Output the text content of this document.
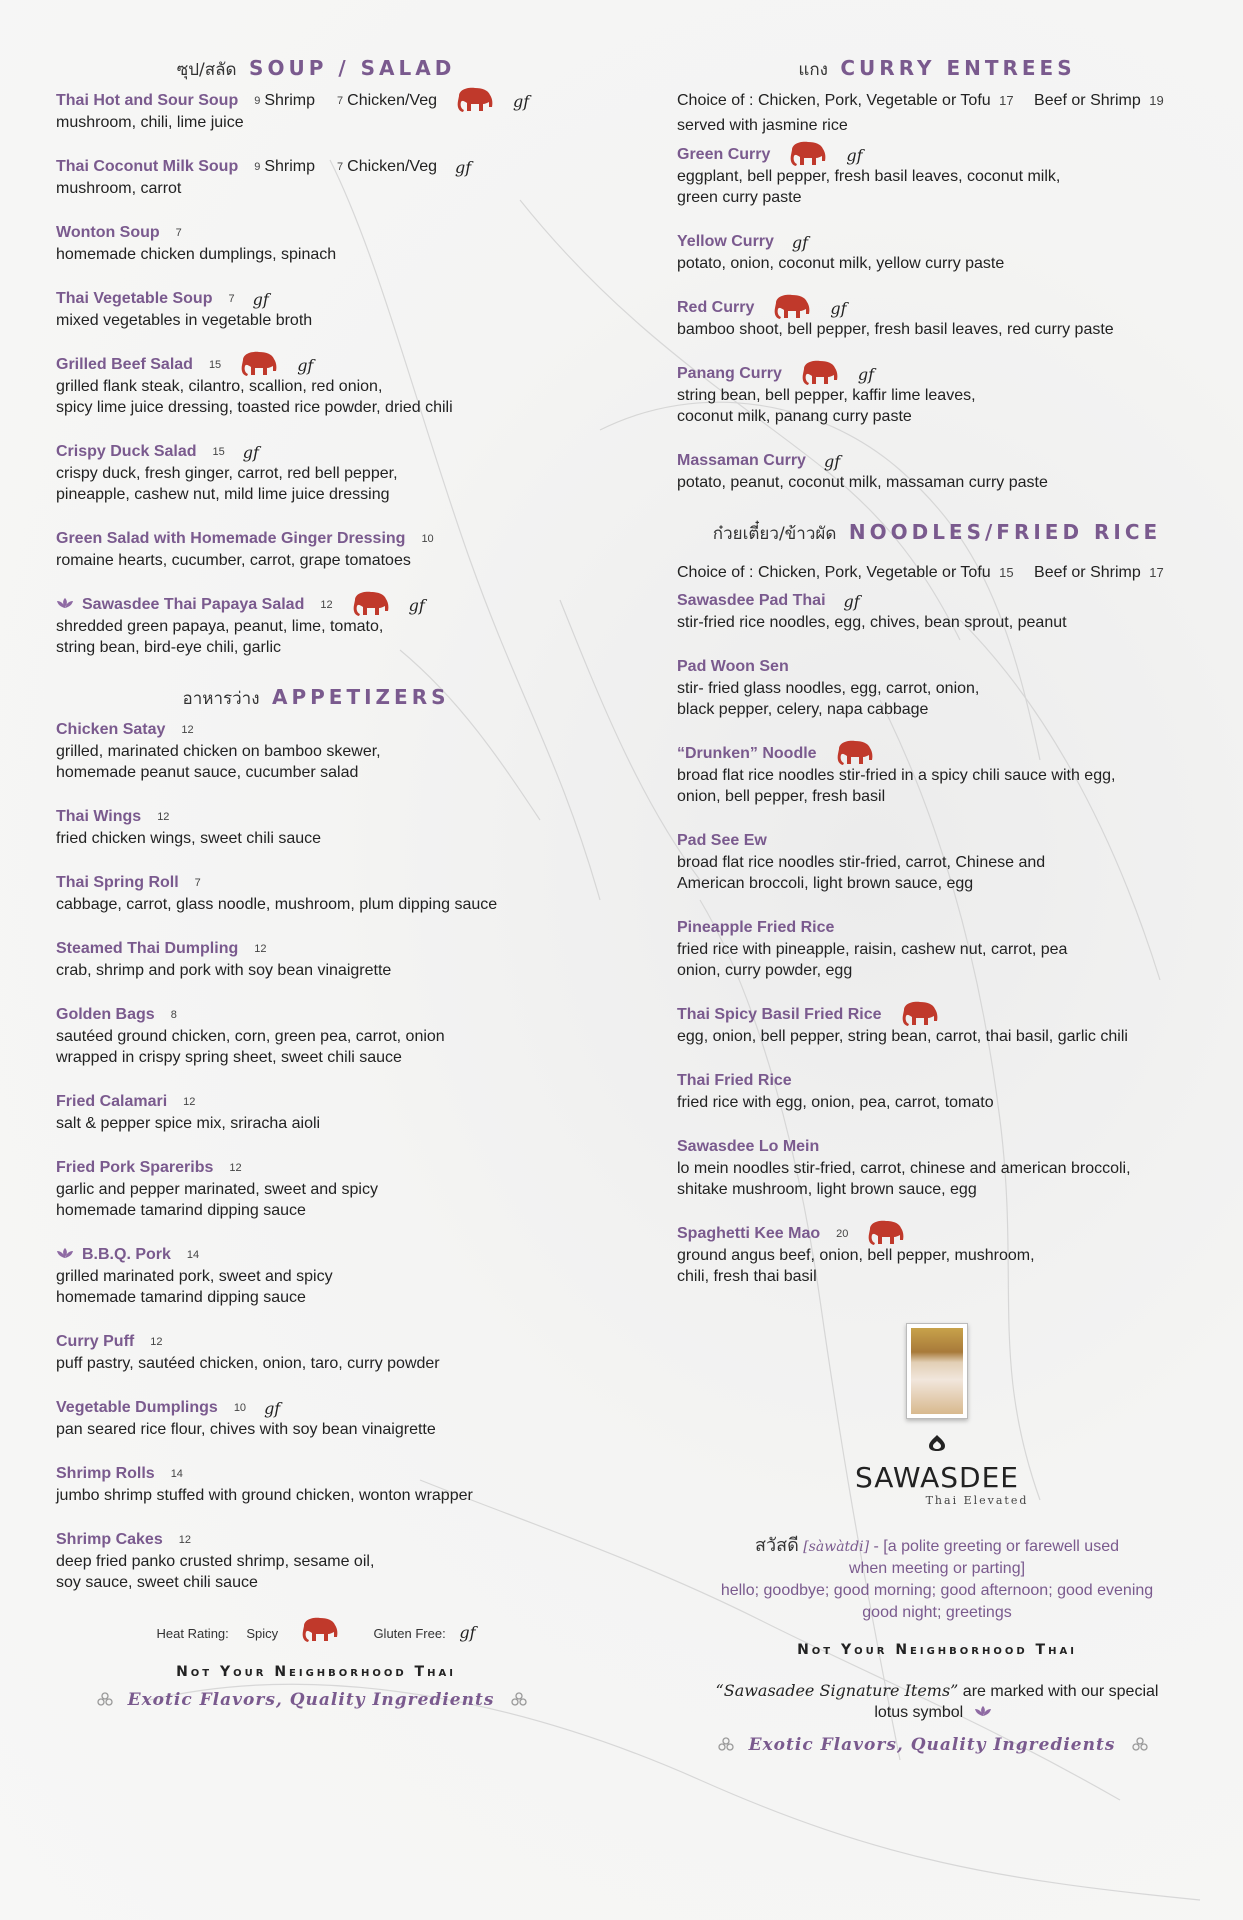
ซุป/สลัด SOUP / SALAD
Thai Hot and Sour Soup 9 Shrimp 7 Chicken/Veg	gf
mushroom, chili, lime juice
Thai Coconut Milk Soup 9 Shrimp 7 Chicken/Veg gf
mushroom, carrot
Wonton Soup 7
homemade chicken dumplings, spinach
Thai Vegetable Soup 7 gf
mixed vegetables in vegetable broth
Grilled Beef Salad 15	gf
grilled flank steak, cilantro, scallion, red onion,
spicy lime juice dressing, toasted rice powder, dried chili
Crispy Duck Salad 15 gf
crispy duck, fresh ginger, carrot, red bell pepper,
pineapple, cashew nut, mild lime juice dressing
Green Salad with Homemade Ginger Dressing 10
romaine hearts, cucumber, carrot, grape tomatoes
Sawasdee Thai Papaya Salad 12	gf
shredded green papaya, peanut, lime, tomato,
string bean, bird-eye chili, garlic
อาหารว่าง APPETIZERS
Chicken Satay 12
grilled, marinated chicken on bamboo skewer,
homemade peanut sauce, cucumber salad
Thai Wings 12
fried chicken wings, sweet chili sauce
Thai Spring Roll 7
cabbage, carrot, glass noodle, mushroom, plum dipping sauce
Steamed Thai Dumpling 12
crab, shrimp and pork with soy bean vinaigrette
Golden Bags 8
sautéed ground chicken, corn, green pea, carrot, onion
wrapped in crispy spring sheet, sweet chili sauce
Fried Calamari 12
salt & pepper spice mix, sriracha aioli
Fried Pork Spareribs 12
garlic and pepper marinated, sweet and spicy
homemade tamarind dipping sauce
B.B.Q. Pork 14
grilled marinated pork, sweet and spicy
homemade tamarind dipping sauce
Curry Puff 12
puff pastry, sautéed chicken, onion, taro, curry powder
Vegetable Dumplings 10 gf
pan seared rice flour, chives with soy bean vinaigrette
Shrimp Rolls 14
jumbo shrimp stuffed with ground chicken, wonton wrapper
Shrimp Cakes 12
deep fried panko crusted shrimp, sesame oil,
soy sauce, sweet chili sauce
Heat Rating: Spicy	Gluten Free: gf
Not Your Neighborhood Thai
Exotic Flavors, Quality Ingredients
แกง CURRY ENTREES
Choice of : Chicken, Pork, Vegetable or Tofu 17 Beef or Shrimp 19
served with jasmine rice
Green Curry	gf
eggplant, bell pepper, fresh basil leaves, coconut milk,
green curry paste
Yellow Curry gf
potato, onion, coconut milk, yellow curry paste
Red Curry	gf
bamboo shoot, bell pepper, fresh basil leaves, red curry paste
Panang Curry	gf
string bean, bell pepper, kaffir lime leaves,
coconut milk, panang curry paste
Massaman Curry gf
potato, peanut, coconut milk, massaman curry paste
ก๋วยเตี๋ยว/ข้าวผัด NOODLES/FRIED RICE
Choice of : Chicken, Pork, Vegetable or Tofu 15 Beef or Shrimp 17
Sawasdee Pad Thai gf
stir-fried rice noodles, egg, chives, bean sprout, peanut
Pad Woon Sen
stir- fried glass noodles, egg, carrot, onion,
black pepper, celery, napa cabbage
“Drunken” Noodle
broad flat rice noodles stir-fried in a spicy chili sauce with egg,
onion, bell pepper, fresh basil
Pad See Ew
broad flat rice noodles stir-fried, carrot, Chinese and
American broccoli, light brown sauce, egg
Pineapple Fried Rice
fried rice with pineapple, raisin, cashew nut, carrot, pea
onion, curry powder, egg
Thai Spicy Basil Fried Rice
egg, onion, bell pepper, string bean, carrot, thai basil, garlic chili
Thai Fried Rice
fried rice with egg, onion, pea, carrot, tomato
Sawasdee Lo Mein
lo mein noodles stir-fried, carrot, chinese and american broccoli,
shitake mushroom, light brown sauce, egg
Spaghetti Kee Mao 20
ground angus beef, onion, bell pepper, mushroom,
chili, fresh thai basil
SAWASDEE
Thai Elevated
สวัสดี [sàwàtdi] - [a polite greeting or farewell used
when meeting or parting]
hello; goodbye; good morning; good afternoon; good evening
good night; greetings
Not Your Neighborhood Thai
“Sawasadee Signature Items” are marked with our special
lotus symbol
Exotic Flavors, Quality Ingredients
